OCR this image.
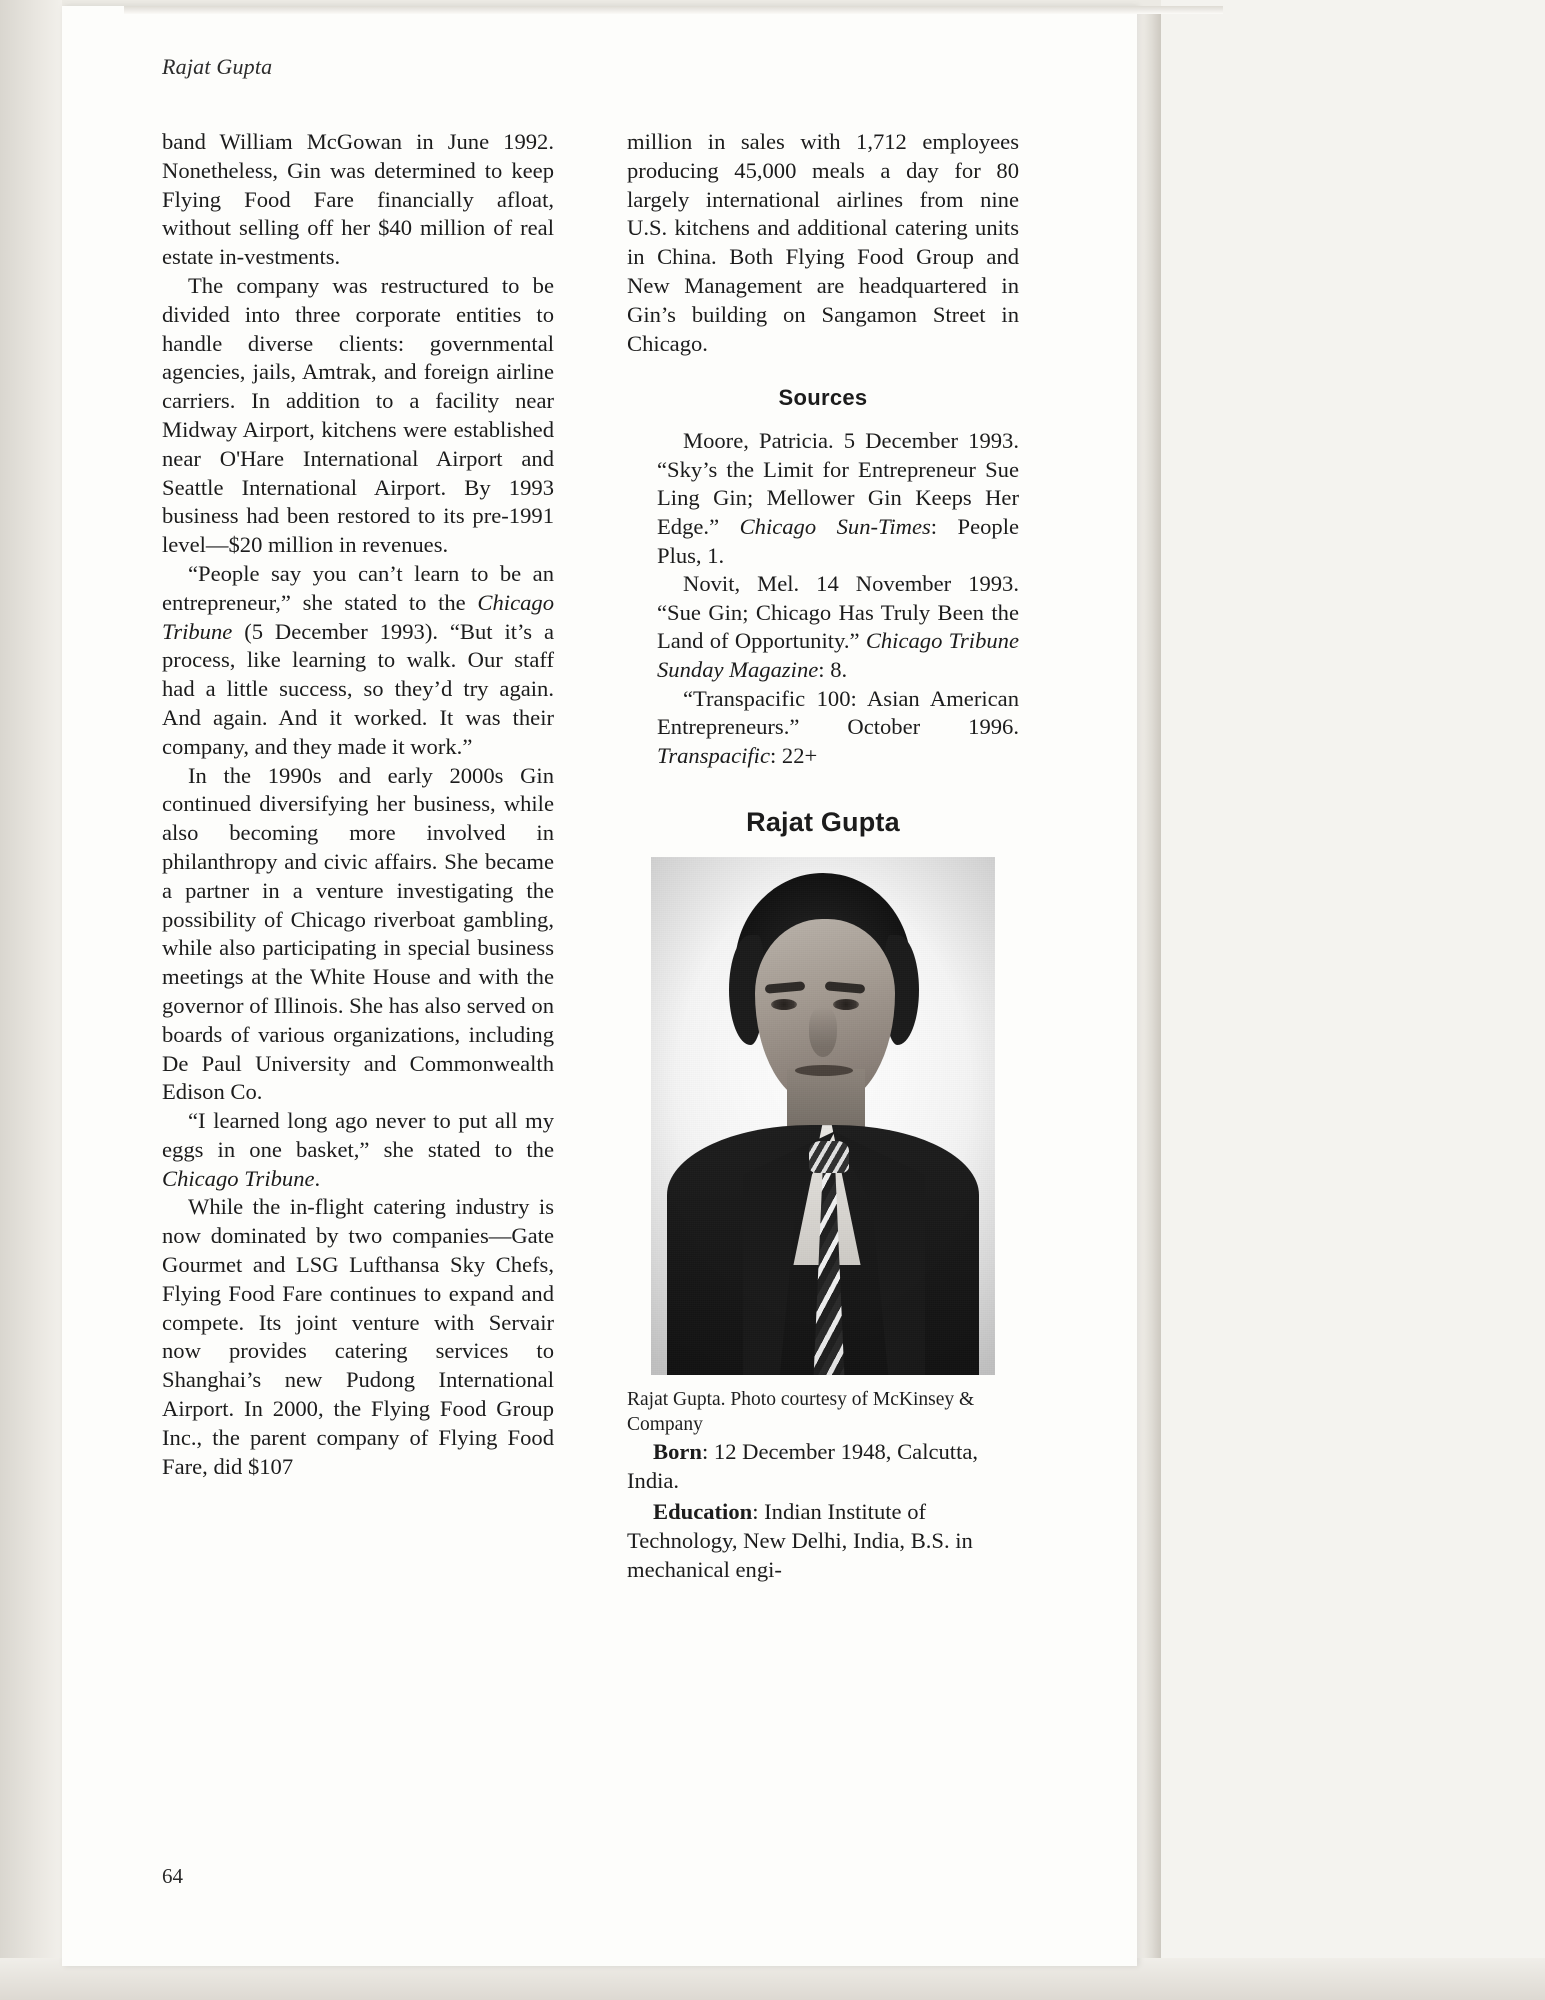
Rajat Gupta

band William McGowan in June 1992. Nonetheless, Gin was determined to keep Flying Food Fare financially afloat, without selling off her $40 million of real estate in-vestments.

The company was restructured to be divided into three corporate entities to handle diverse clients: governmental agencies, jails, Amtrak, and foreign airline carriers. In addition to a facility near Midway Airport, kitchens were established near O'Hare International Airport and Seattle International Airport. By 1993 business had been restored to its pre-1991 level—$20 million in revenues.

“People say you can’t learn to be an entrepreneur,” she stated to the Chicago Tribune (5 December 1993). “But it’s a process, like learning to walk. Our staff had a little success, so they’d try again. And again. And it worked. It was their company, and they made it work.”

In the 1990s and early 2000s Gin continued diversifying her business, while also becoming more involved in philanthropy and civic affairs. She became a partner in a venture investigating the possibility of Chicago riverboat gambling, while also participating in special business meetings at the White House and with the governor of Illinois. She has also served on boards of various organizations, including De Paul University and Commonwealth Edison Co.

“I learned long ago never to put all my eggs in one basket,” she stated to the Chicago Tribune.

While the in-flight catering industry is now dominated by two companies—Gate Gourmet and LSG Lufthansa Sky Chefs, Flying Food Fare continues to expand and compete. Its joint venture with Servair now provides catering services to Shanghai’s new Pudong International Airport. In 2000, the Flying Food Group Inc., the parent company of Flying Food Fare, did $107

million in sales with 1,712 employees producing 45,000 meals a day for 80 largely international airlines from nine U.S. kitchens and additional catering units in China. Both Flying Food Group and New Management are headquartered in Gin’s building on Sangamon Street in Chicago.

Sources

Moore, Patricia. 5 December 1993. “Sky’s the Limit for Entrepreneur Sue Ling Gin; Mellower Gin Keeps Her Edge.” Chicago Sun-Times: People Plus, 1.

Novit, Mel. 14 November 1993. “Sue Gin; Chicago Has Truly Been the Land of Opportunity.” Chicago Tribune Sunday Magazine: 8.

“Transpacific 100: Asian American Entrepreneurs.” October 1996. Transpacific: 22+

Rajat Gupta
Rajat Gupta. Photo courtesy of McKinsey & Company

Born: 12 December 1948, Calcutta, India.

Education: Indian Institute of Technology, New Delhi, India, B.S. in mechanical engi-

64
